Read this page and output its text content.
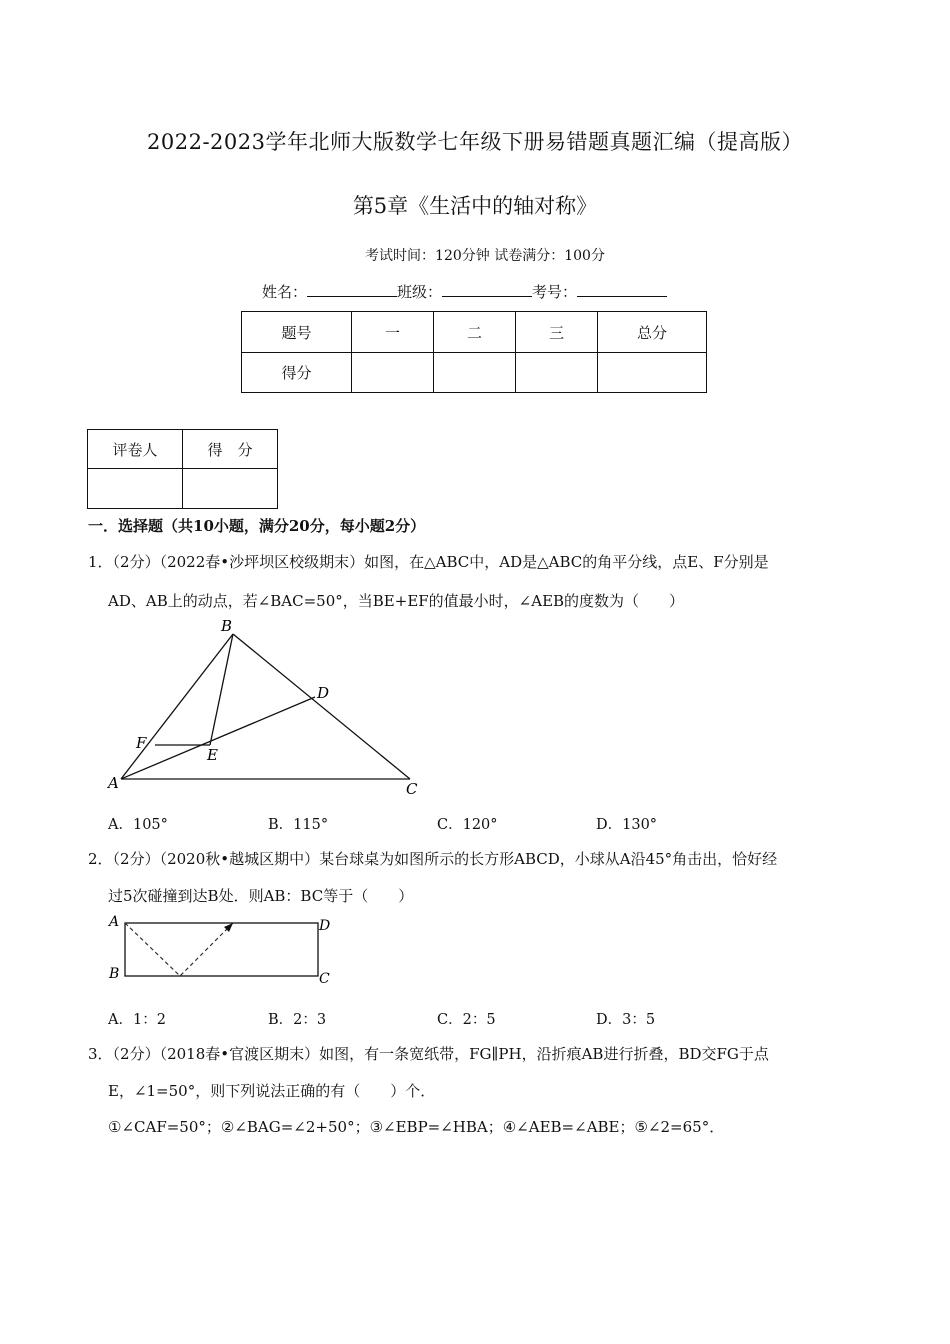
2022-2023学年北师大版数学七年级下册易错题真题汇编（提高版）
第5章《生活中的轴对称》
考试时间：120分钟 试卷满分：100分
姓名：	班级：	考号：
题号	一	二	三	总分
得分				
评卷人	得　分

一．选择题（共10小题，满分20分，每小题2分）
1．（2分）（2022春•沙坪坝区校级期末）如图，在△ABC中，AD是△ABC的角平分线，点E、F分别是
AD、AB上的动点，若∠BAC=50°，当BE+EF的值最小时，∠AEB的度数为（　　）
A
B
C
D
E
F
A．105°	B．115°	C．120°	D．130°
2．（2分）（2020秋•越城区期中）某台球桌为如图所示的长方形ABCD，小球从A沿45°角击出，恰好经
过5次碰撞到达B处．则AB：BC等于（　　）
A
B	C
D
A．1：2	B．2：3	C．2：5	D．3：5
3．（2分）（2018春•官渡区期末）如图，有一条宽纸带，FG∥PH，沿折痕AB进行折叠，BD交FG于点
E，∠1=50°，则下列说法正确的有（　　）个．
①∠CAF=50°；②∠BAG=∠2+50°；③∠EBP=∠HBA；④∠AEB=∠ABE；⑤∠2=65°．
